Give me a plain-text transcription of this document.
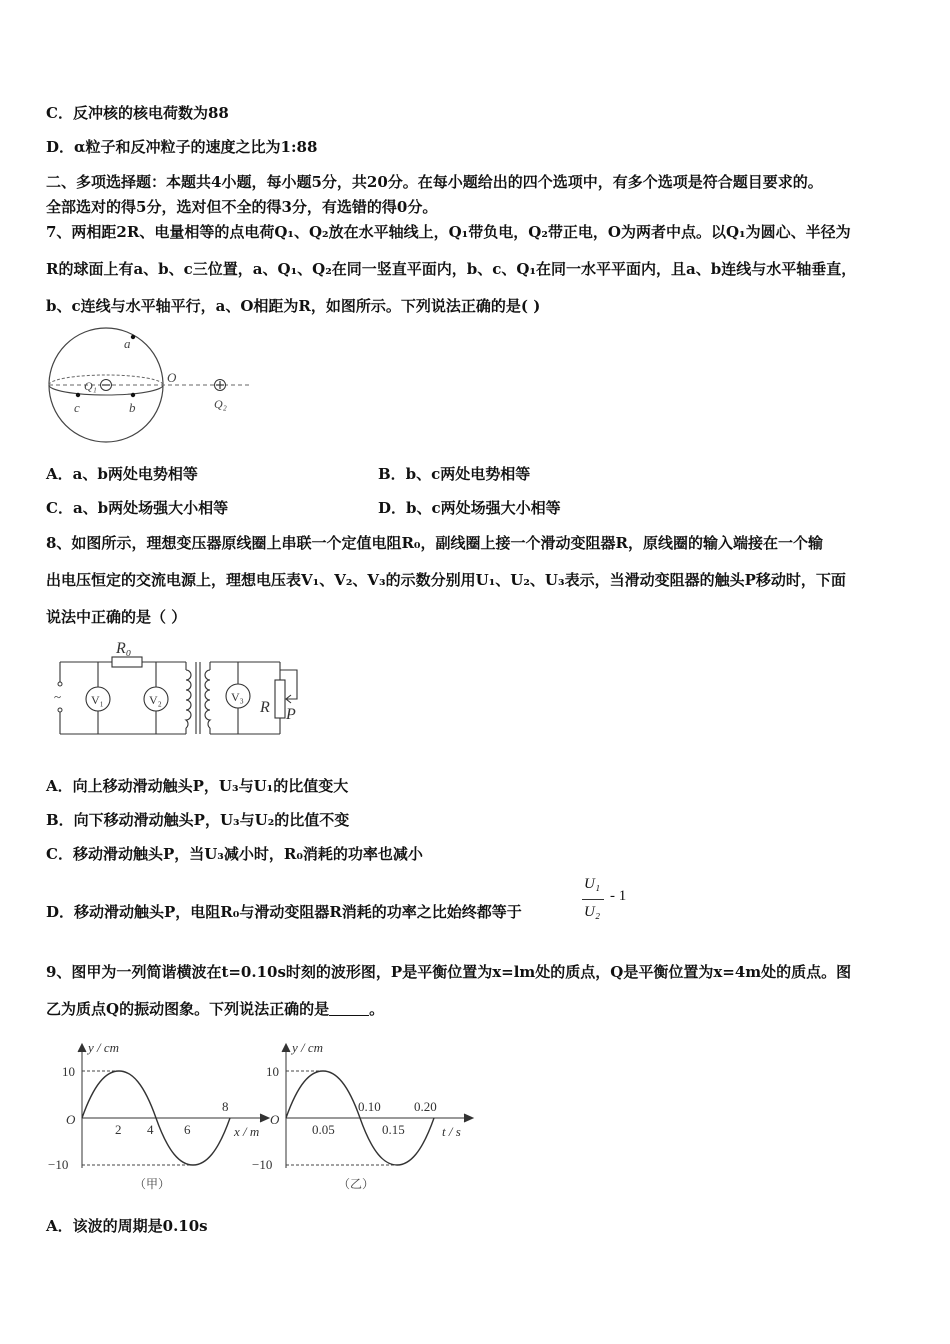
C．反冲核的核电荷数为88
D．α粒子和反冲粒子的速度之比为1:88
二、多项选择题：本题共4小题，每小题5分，共20分。在每小题给出的四个选项中，有多个选项是符合题目要求的。
全部选对的得5分，选对但不全的得3分，有选错的得0分。
7、两相距2R、电量相等的点电荷Q₁、Q₂放在水平轴线上，Q₁带负电，Q₂带正电，O为两者中点。以Q₁为圆心、半径为
R的球面上有a、b、c三位置，a、Q₁、Q₂在同一竖直平面内，b、c、Q₁在同一水平平面内，且a、b连线与水平轴垂直，
b、c连线与水平轴平行，a、O相距为R，如图所示。下列说法正确的是( )
a
O
Q₁
Q₂
c	b
A．a、b两处电势相等	B．b、c两处电势相等
C．a、b两处场强大小相等	D．b、c两处场强大小相等
8、如图所示，理想变压器原线圈上串联一个定值电阻R₀，副线圈上接一个滑动变阻器R，原线圈的输入端接在一个输
出电压恒定的交流电源上，理想电压表V₁、V₂、V₃的示数分别用U₁、U₂、U₃表示，当滑动变阻器的触头P移动时，下面
说法中正确的是（ ）
~ V₁	V₂	V₃
R P
R₀
A．向上移动滑动触头P，U₃与U₁的比值变大
B．向下移动滑动触头P，U₃与U₂的比值不变
C．移动滑动触头P，当U₃减小时，R₀消耗的功率也减小
D．移动滑动触头P，电阻R₀与滑动变阻器R消耗的功率之比始终都等于
U₁
U₂
- 1
9、图甲为一列简谐横波在t=0.10s时刻的波形图，P是平衡位置为x=lm处的质点，Q是平衡位置为x=4m处的质点。图
乙为质点Q的振动图象。下列说法正确的是	。
y / cm
x / m
O
10
−10
2 4 6
8
（甲）
y / cm
t / s
O
10
−10
0.05	0.15
0.10	0.20
（乙）
A．该波的周期是0.10s
